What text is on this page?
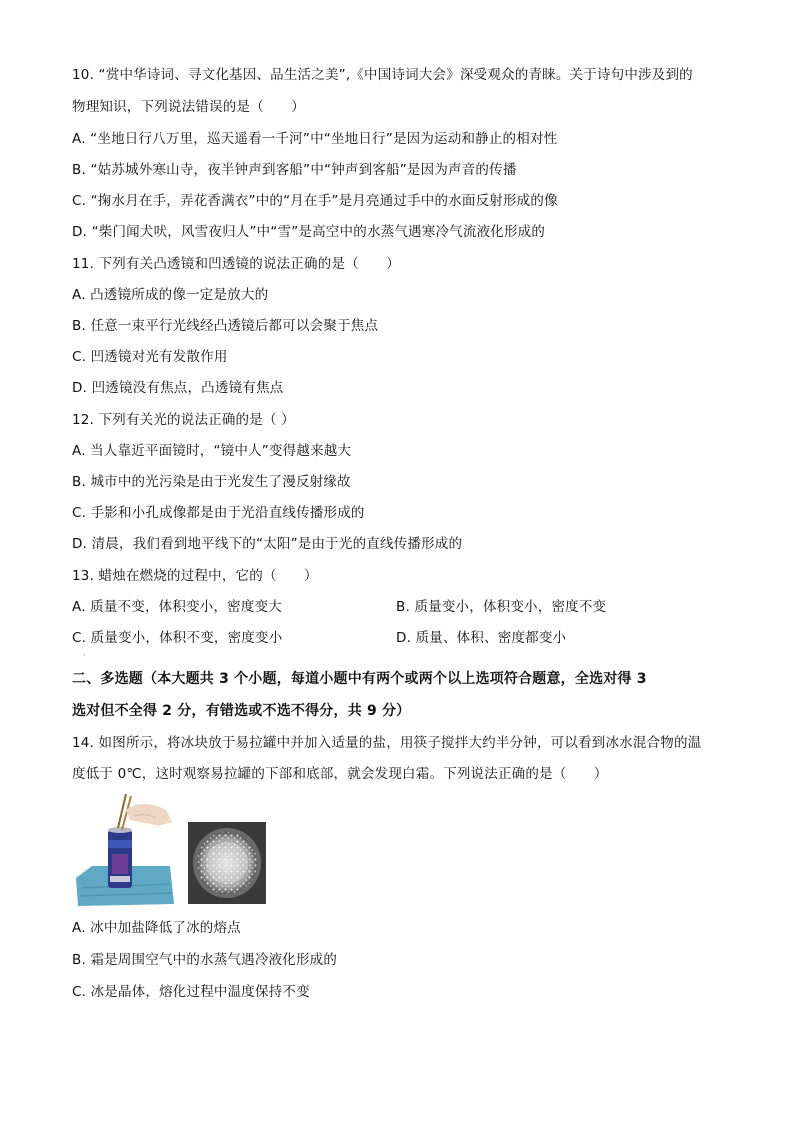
10. “赏中华诗词、寻文化基因、品生活之美”,《中国诗词大会》深受观众的青睐。关于诗句中涉及到的
物理知识，下列说法错误的是（　　）
A. “坐地日行八万里，巡天遥看一千河”中“坐地日行”是因为运动和静止的相对性
B. “姑苏城外寒山寺，夜半钟声到客船”中“钟声到客船”是因为声音的传播
C. “掬水月在手，弄花香满衣”中的“月在手”是月亮通过手中的水面反射形成的像
D. “柴门闻犬吠，风雪夜归人”中“雪”是高空中的水蒸气遇寒冷气流液化形成的
11. 下列有关凸透镜和凹透镜的说法正确的是（　　）
A. 凸透镜所成的像一定是放大的
B. 任意一束平行光线经凸透镜后都可以会聚于焦点
C. 凹透镜对光有发散作用
D. 凹透镜没有焦点，凸透镜有焦点
12. 下列有关光的说法正确的是（ ）
A. 当人靠近平面镜时，“镜中人”变得越来越大
B. 城市中的光污染是由于光发生了漫反射缘故
C. 手影和小孔成像都是由于光沿直线传播形成的
D. 清晨，我们看到地平线下的“太阳”是由于光的直线传播形成的
13. 蜡烛在燃烧的过程中，它的（　　）
A. 质量不变，体积变小，密度变大	B. 质量变小，体积变小，密度不变
C. 质量变小，体积不变，密度变小	D. 质量、体积、密度都变小
·
二、多选题（本大题共 3 个小题，每道小题中有两个或两个以上选项符合题意，全选对得 3
选对但不全得 2 分，有错选或不选不得分，共 9 分）
14. 如图所示，将冰块放于易拉罐中并加入适量的盐，用筷子搅拌大约半分钟，可以看到冰水混合物的温
度低于 0℃，这时观察易拉罐的下部和底部，就会发现白霜。下列说法正确的是（　　）
A. 冰中加盐降低了冰的熔点
B. 霜是周围空气中的水蒸气遇冷液化形成的
C. 冰是晶体，熔化过程中温度保持不变
